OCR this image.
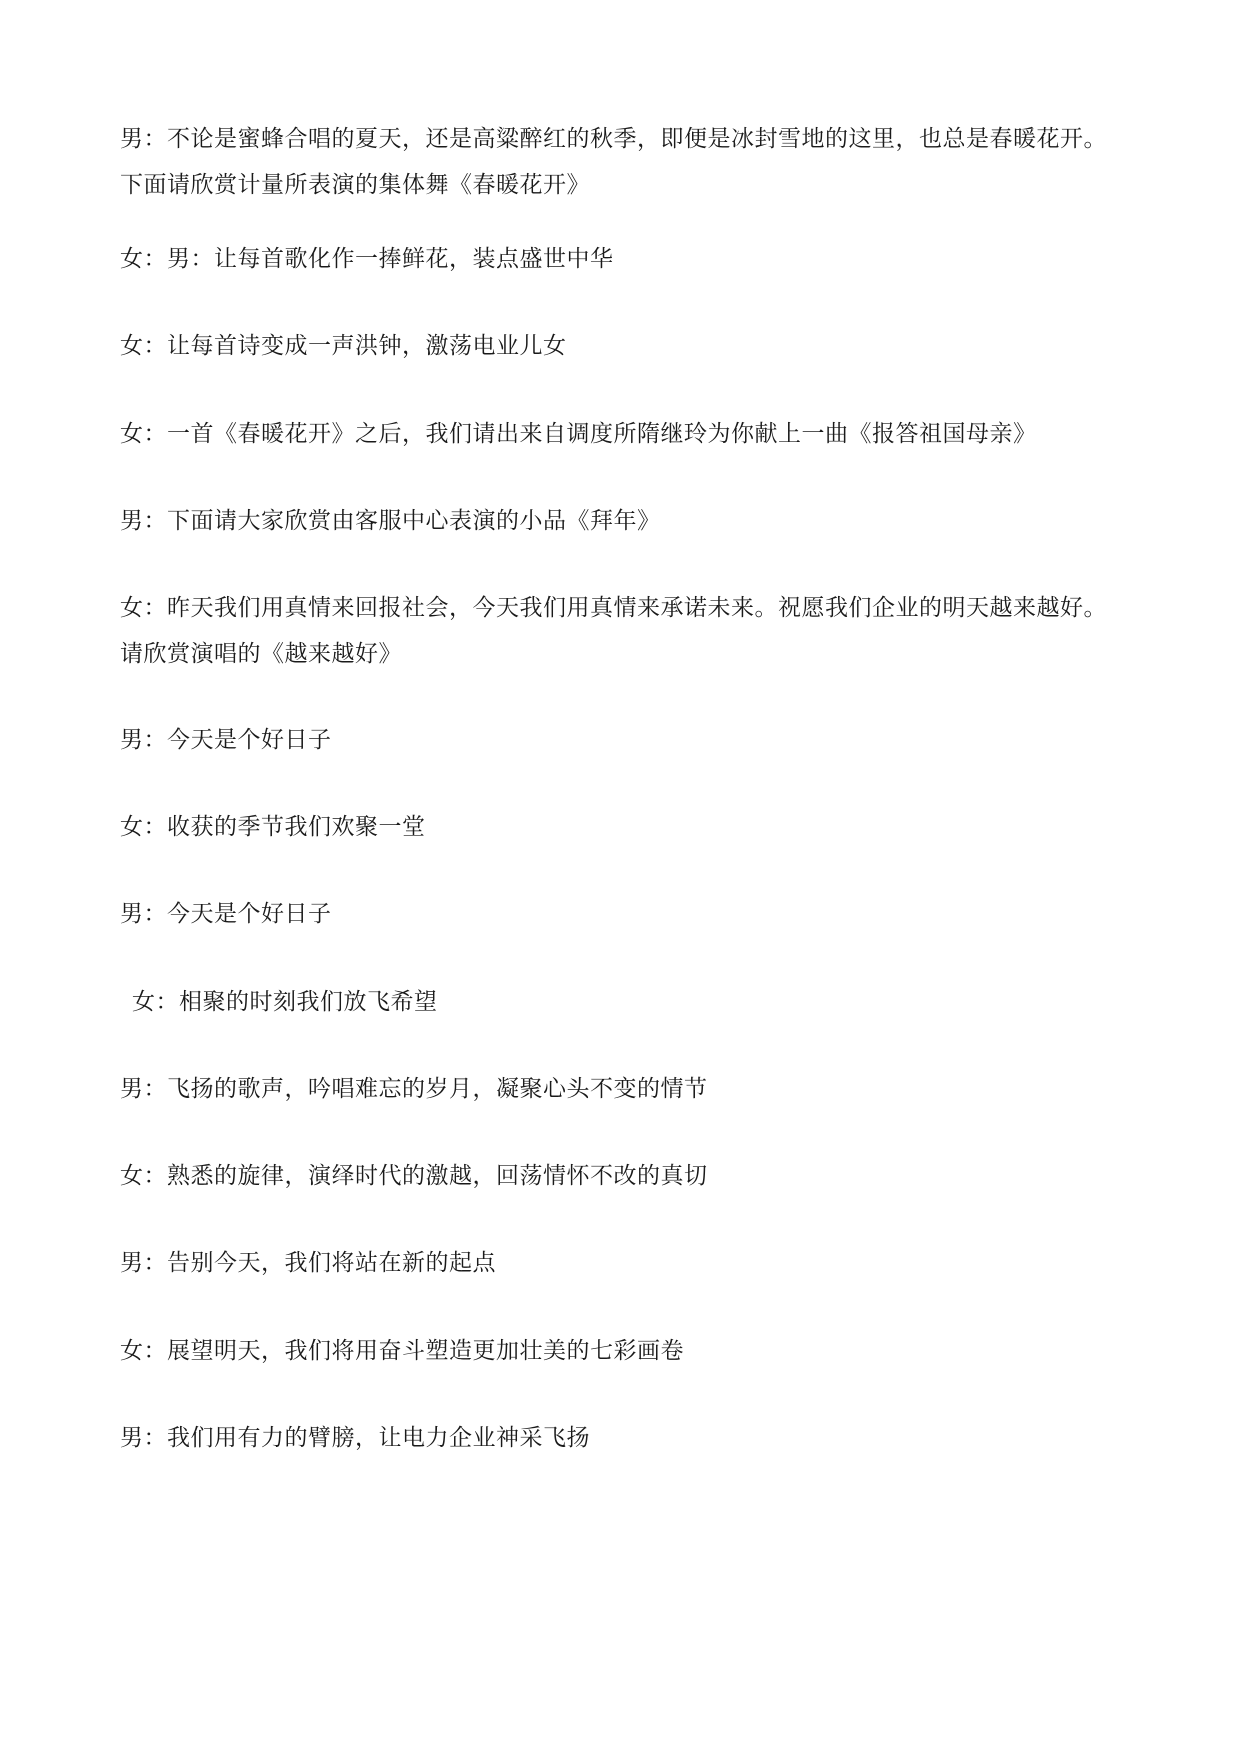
男：不论是蜜蜂合唱的夏天，还是高粱醉红的秋季，即便是冰封雪地的这里，也总是春暖花开。下面请欣赏计量所表演的集体舞《春暖花开》

女：男：让每首歌化作一捧鲜花，装点盛世中华

女：让每首诗变成一声洪钟，激荡电业儿女

女：一首《春暖花开》之后，我们请出来自调度所隋继玲为你献上一曲《报答祖国母亲》

男：下面请大家欣赏由客服中心表演的小品《拜年》

女：昨天我们用真情来回报社会，今天我们用真情来承诺未来。祝愿我们企业的明天越来越好。请欣赏演唱的《越来越好》

男：今天是个好日子

女：收获的季节我们欢聚一堂

男：今天是个好日子

女：相聚的时刻我们放飞希望

男：飞扬的歌声，吟唱难忘的岁月，凝聚心头不变的情节

女：熟悉的旋律，演绎时代的激越，回荡情怀不改的真切

男：告别今天，我们将站在新的起点

女：展望明天，我们将用奋斗塑造更加壮美的七彩画卷

男：我们用有力的臂膀，让电力企业神采飞扬
